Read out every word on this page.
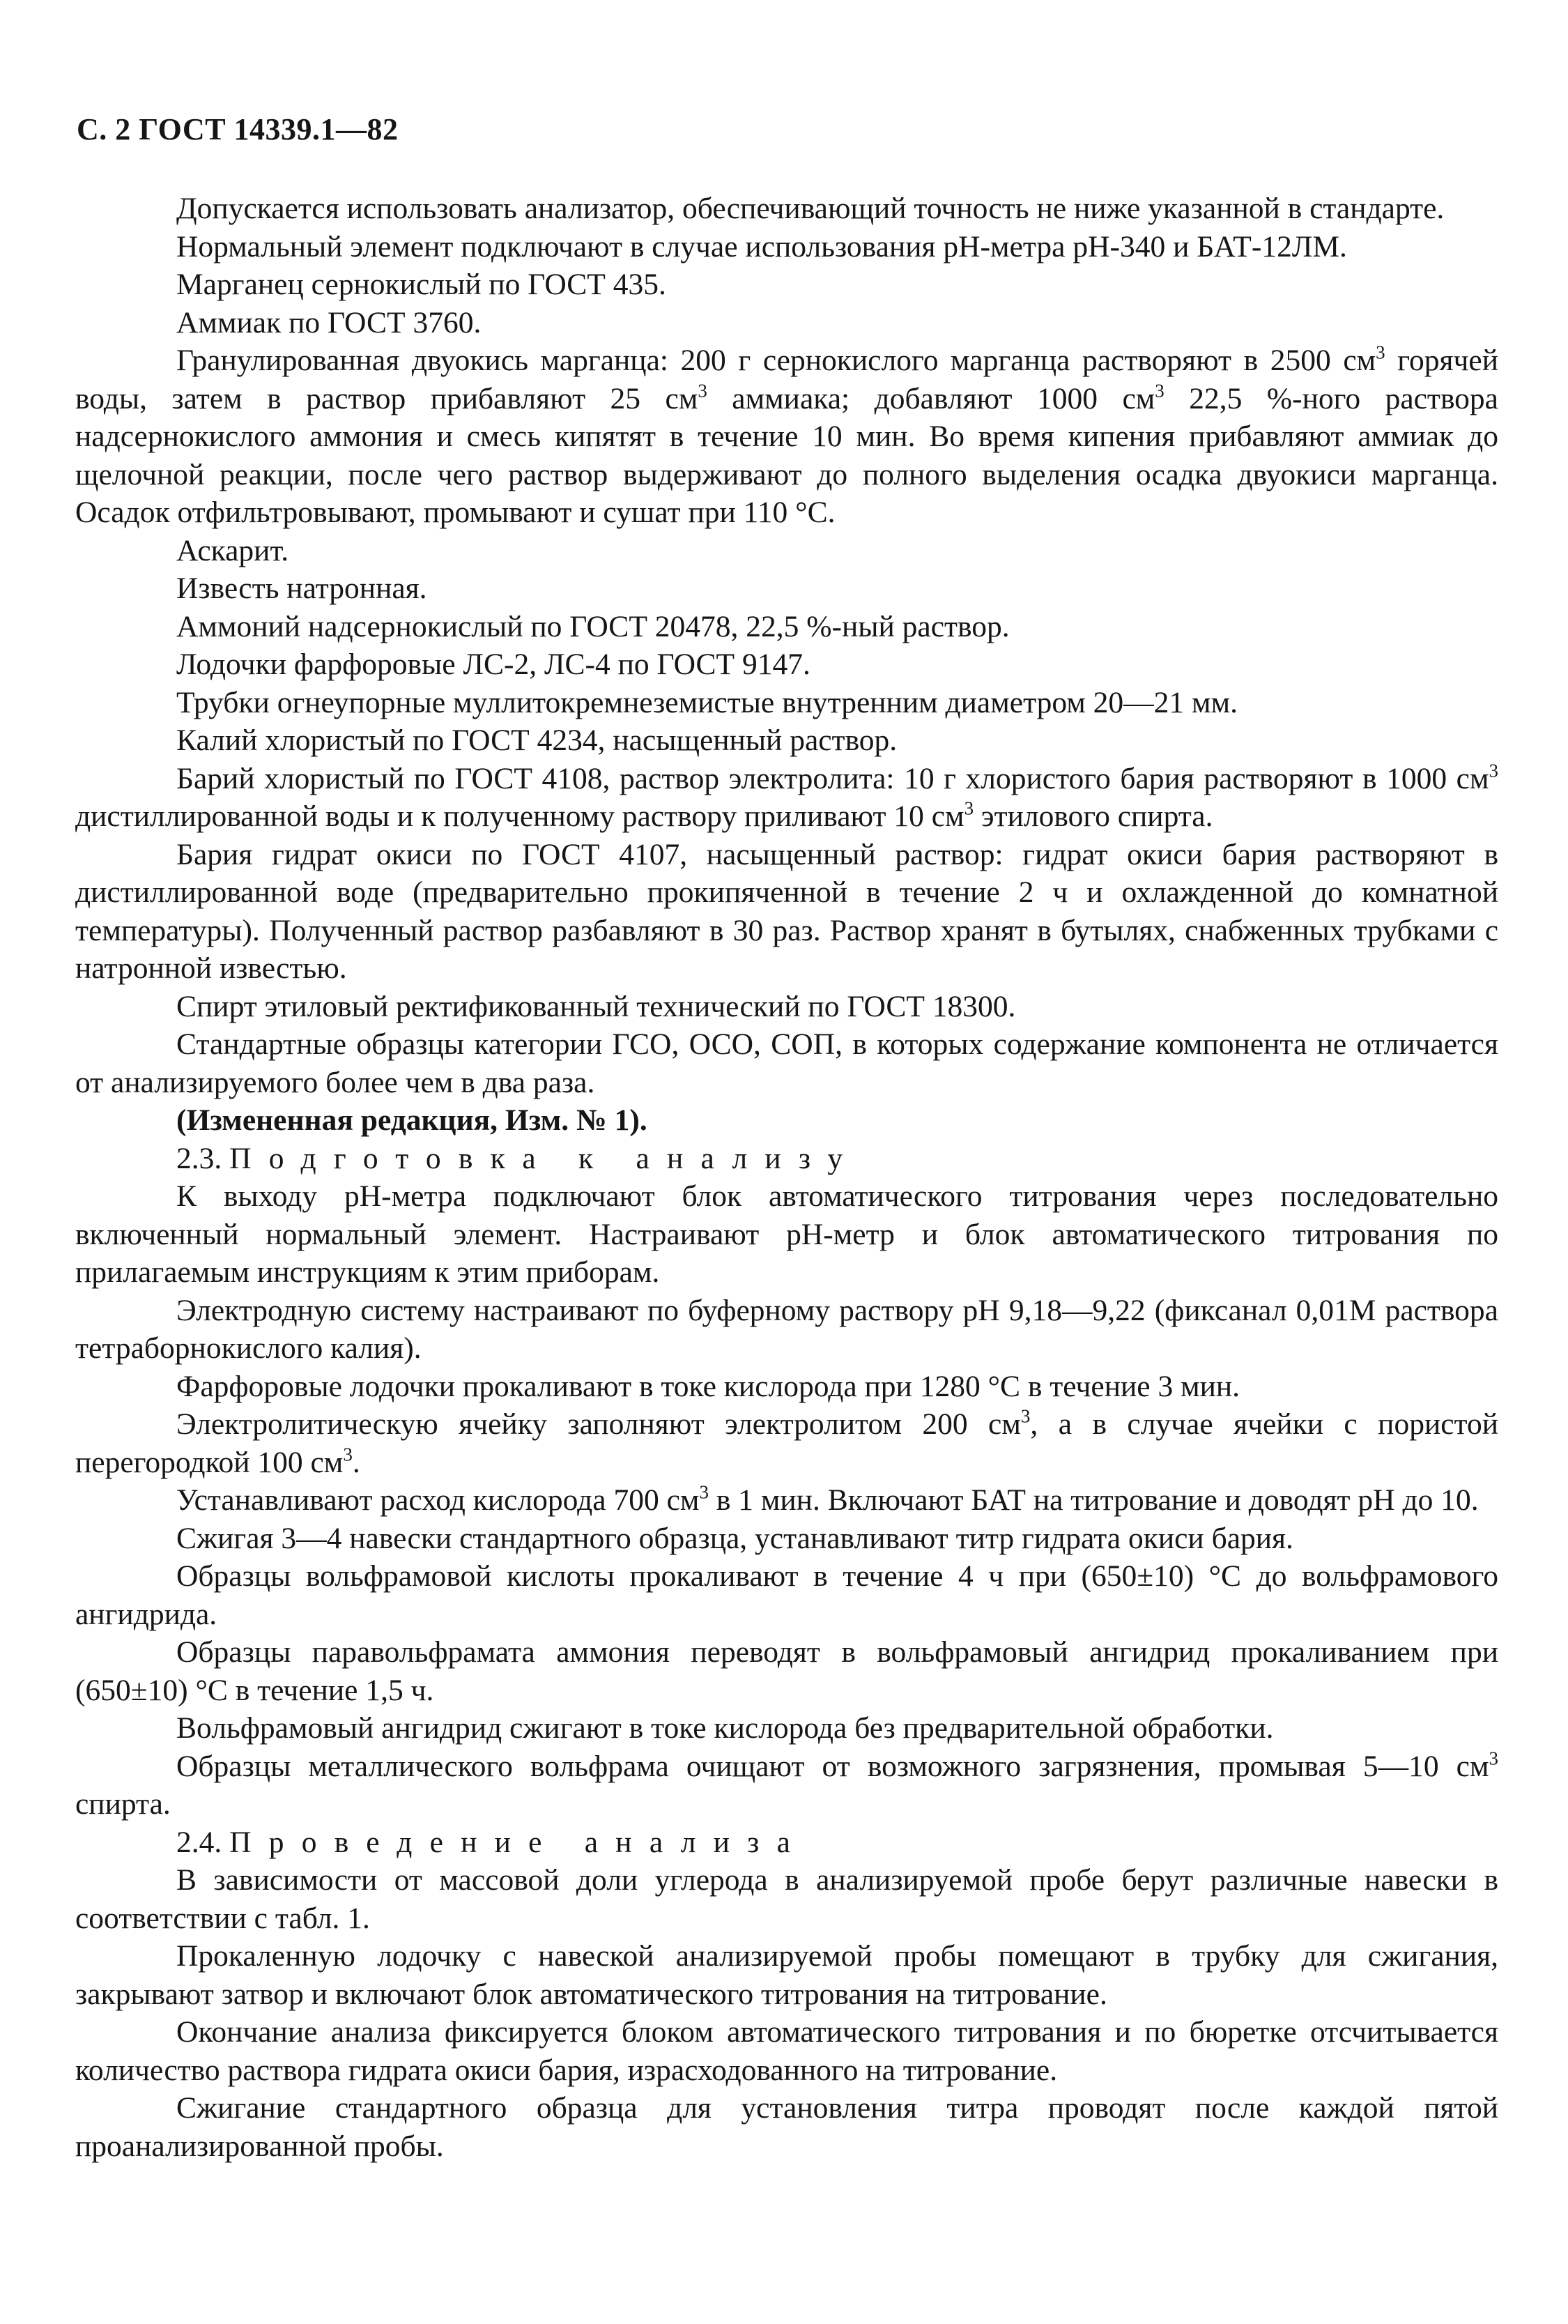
С. 2 ГОСТ 14339.1—82

Допускается использовать анализатор, обеспечивающий точность не ниже указанной в стандарте.

Нормальный элемент подключают в случае использования pH-метра pH-340 и БАТ-12ЛМ.

Марганец сернокислый по ГОСТ 435.

Аммиак по ГОСТ 3760.

Гранулированная двуокись марганца: 200 г сернокислого марганца растворяют в 2500 $см^3$ горячей воды, затем в раствор прибавляют 25 $см^3$ аммиака; добавляют 1000 $см^3$ 22,5 %-ного раствора надсернокислого аммония и смесь кипятят в течение 10 мин. Во время кипения прибавляют аммиак до щелочной реакции, после чего раствор выдерживают до полного выделения осадка двуокиси марганца. Осадок отфильтровывают, промывают и сушат при 110 °С.

Аскарит.

Известь натронная.

Аммоний надсернокислый по ГОСТ 20478, 22,5 %-ный раствор.

Лодочки фарфоровые ЛС-2, ЛС-4 по ГОСТ 9147.

Трубки огнеупорные муллитокремнеземистые внутренним диаметром 20—21 мм.

Калий хлористый по ГОСТ 4234, насыщенный раствор.

Барий хлористый по ГОСТ 4108, раствор электролита: 10 г хлористого бария растворяют в 1000 $см^3$ дистиллированной воды и к полученному раствору приливают 10 $см^3$ этилового спирта.

Бария гидрат окиси по ГОСТ 4107, насыщенный раствор: гидрат окиси бария растворяют в дистиллированной воде (предварительно прокипяченной в течение 2 ч и охлажденной до комнатной температуры). Полученный раствор разбавляют в 30 раз. Раствор хранят в бутылях, снабженных трубками с натронной известью.

Спирт этиловый ректификованный технический по ГОСТ 18300.

Стандартные образцы категории ГСО, ОСО, СОП, в которых содержание компонента не отличается от анализируемого более чем в два раза.

(Измененная редакция, Изм. № 1).

2.3. Подготовка к анализу

К выходу pH-метра подключают блок автоматического титрования через последовательно включенный нормальный элемент. Настраивают pH-метр и блок автоматического титрования по прилагаемым инструкциям к этим приборам.

Электродную систему настраивают по буферному раствору pH 9,18—9,22 (фиксанал 0,01М раствора тетраборнокислого калия).

Фарфоровые лодочки прокаливают в токе кислорода при 1280 °С в течение 3 мин.

Электролитическую ячейку заполняют электролитом 200 $см^3$, а в случае ячейки с пористой перегородкой 100 $см^3$.

Устанавливают расход кислорода 700 $см^3$ в 1 мин. Включают БАТ на титрование и доводят pH до 10.

Сжигая 3—4 навески стандартного образца, устанавливают титр гидрата окиси бария.

Образцы вольфрамовой кислоты прокаливают в течение 4 ч при (650±10) °С до вольфрамового ангидрида.

Образцы паравольфрамата аммония переводят в вольфрамовый ангидрид прокаливанием при (650±10) °С в течение 1,5 ч.

Вольфрамовый ангидрид сжигают в токе кислорода без предварительной обработки.

Образцы металлического вольфрама очищают от возможного загрязнения, промывая 5—10 $см^3$ спирта.

2.4. Проведение анализа

В зависимости от массовой доли углерода в анализируемой пробе берут различные навески в соответствии с табл. 1.

Прокаленную лодочку с навеской анализируемой пробы помещают в трубку для сжигания, закрывают затвор и включают блок автоматического титрования на титрование.

Окончание анализа фиксируется блоком автоматического титрования и по бюретке отсчитывается количество раствора гидрата окиси бария, израсходованного на титрование.

Сжигание стандартного образца для установления титра проводят после каждой пятой проанализированной пробы.
